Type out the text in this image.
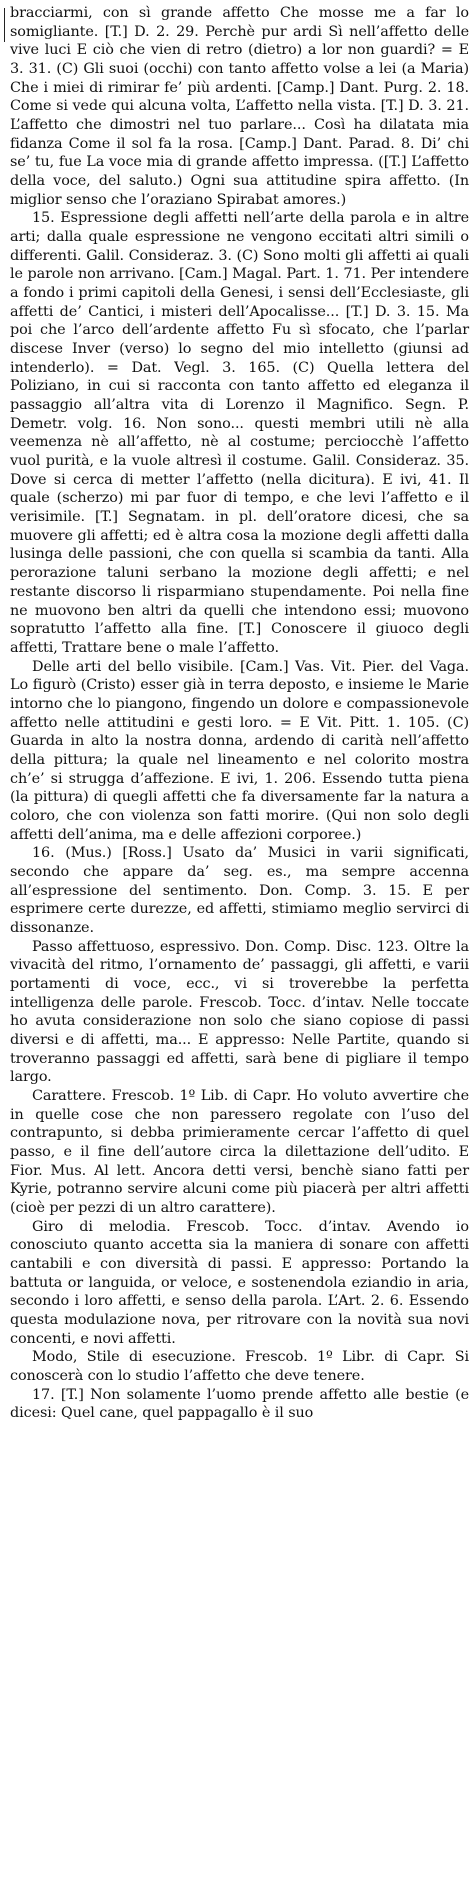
bracciarmi, con sì grande affetto Che mosse me a far lo somigliante. [T.] D. 2. 29. Perchè pur ardi Sì nell’affetto delle vive luci E ciò che vien di retro (dietro) a lor non guardi? = E 3. 31. (C) Gli suoi (occhi) con tanto affetto volse a lei (a Maria) Che i miei di rimirar fe’ più ardenti. [Camp.] Dant. Purg. 2. 18. Come si vede qui alcuna volta, L’affetto nella vista. [T.] D. 3. 21. L’affetto che dimostri nel tuo parlare... Così ha dilatata mia fidanza Come il sol fa la rosa. [Camp.] Dant. Parad. 8. Di’ chi se’ tu, fue La voce mia di grande affetto impressa. ([T.] L’affetto della voce, del saluto.) Ogni sua attitudine spira affetto. (In miglior senso che l’oraziano Spirabat amores.)

15. Espressione degli affetti nell’arte della parola e in altre arti; dalla quale espressione ne vengono eccitati altri simili o differenti. Galil. Consideraz. 3. (C) Sono molti gli affetti ai quali le parole non arrivano. [Cam.] Magal. Part. 1. 71. Per intendere a fondo i primi capitoli della Genesi, i sensi dell’Ecclesiaste, gli affetti de’ Cantici, i misteri dell’Apocalisse... [T.] D. 3. 15. Ma poi che l’arco dell’ardente affetto Fu sì sfocato, che l’parlar discese Inver (verso) lo segno del mio intelletto (giunsi ad intenderlo). = Dat. Vegl. 3. 165. (C) Quella lettera del Poliziano, in cui si racconta con tanto affetto ed eleganza il passaggio all’altra vita di Lorenzo il Magnifico. Segn. P. Demetr. volg. 16. Non sono... questi membri utili nè alla veemenza nè all’affetto, nè al costume; perciocchè l’affetto vuol purità, e la vuole altresì il costume. Galil. Consideraz. 35. Dove si cerca di metter l’affetto (nella dicitura). E ivi, 41. Il quale (scherzo) mi par fuor di tempo, e che levi l’affetto e il verisimile. [T.] Segnatam. in pl. dell’oratore dicesi, che sa muovere gli affetti; ed è altra cosa la mozione degli affetti dalla lusinga delle passioni, che con quella si scambia da tanti. Alla perorazione taluni serbano la mozione degli affetti; e nel restante discorso li risparmiano stupendamente. Poi nella fine ne muovono ben altri da quelli che intendono essi; muovono sopratutto l’affetto alla fine. [T.] Conoscere il giuoco degli affetti, Trattare bene o male l’affetto.

Delle arti del bello visibile. [Cam.] Vas. Vit. Pier. del Vaga. Lo figurò (Cristo) esser già in terra deposto, e insieme le Marie intorno che lo piangono, fingendo un dolore e compassionevole affetto nelle attitudini e gesti loro. = E Vit. Pitt. 1. 105. (C) Guarda in alto la nostra donna, ardendo di carità nell’affetto della pittura; la quale nel lineamento e nel colorito mostra ch’e’ si strugga d’affezione. E ivi, 1. 206. Essendo tutta piena (la pittura) di quegli affetti che fa diversamente far la natura a coloro, che con violenza son fatti morire. (Qui non solo degli affetti dell’anima, ma e delle affezioni corporee.)

16. (Mus.) [Ross.] Usato da’ Musici in varii significati, secondo che appare da’ seg. es., ma sempre accenna all’espressione del sentimento. Don. Comp. 3. 15. E per esprimere certe durezze, ed affetti, stimiamo meglio servirci di dissonanze.

Passo affettuoso, espressivo. Don. Comp. Disc. 123. Oltre la vivacità del ritmo, l’ornamento de’ passaggi, gli affetti, e varii portamenti di voce, ecc., vi si troverebbe la perfetta intelligenza delle parole. Frescob. Tocc. d’intav. Nelle toccate ho avuta considerazione non solo che siano copiose di passi diversi e di affetti, ma... E appresso: Nelle Partite, quando si troveranno passaggi ed affetti, sarà bene di pigliare il tempo largo.

Carattere. Frescob. 1º Lib. di Capr. Ho voluto avvertire che in quelle cose che non paressero regolate con l’uso del contrapunto, si debba primieramente cercar l’affetto di quel passo, e il fine dell’autore circa la dilettazione dell’udito. E Fior. Mus. Al lett. Ancora detti versi, benchè siano fatti per Kyrie, potranno servire alcuni come più piacerà per altri affetti (cioè per pezzi di un altro carattere).

Giro di melodia. Frescob. Tocc. d’intav. Avendo io conosciuto quanto accetta sia la maniera di sonare con affetti cantabili e con diversità di passi. E appresso: Portando la battuta or languida, or veloce, e sostenendola eziandio in aria, secondo i loro affetti, e senso della parola. L’Art. 2. 6. Essendo questa modulazione nova, per ritrovare con la novità sua novi concenti, e novi affetti.

Modo, Stile di esecuzione. Frescob. 1º Libr. di Capr. Si conoscerà con lo studio l’affetto che deve tenere.

17. [T.] Non solamente l’uomo prende affetto alle bestie (e dicesi: Quel cane, quel pappagallo è il suo
